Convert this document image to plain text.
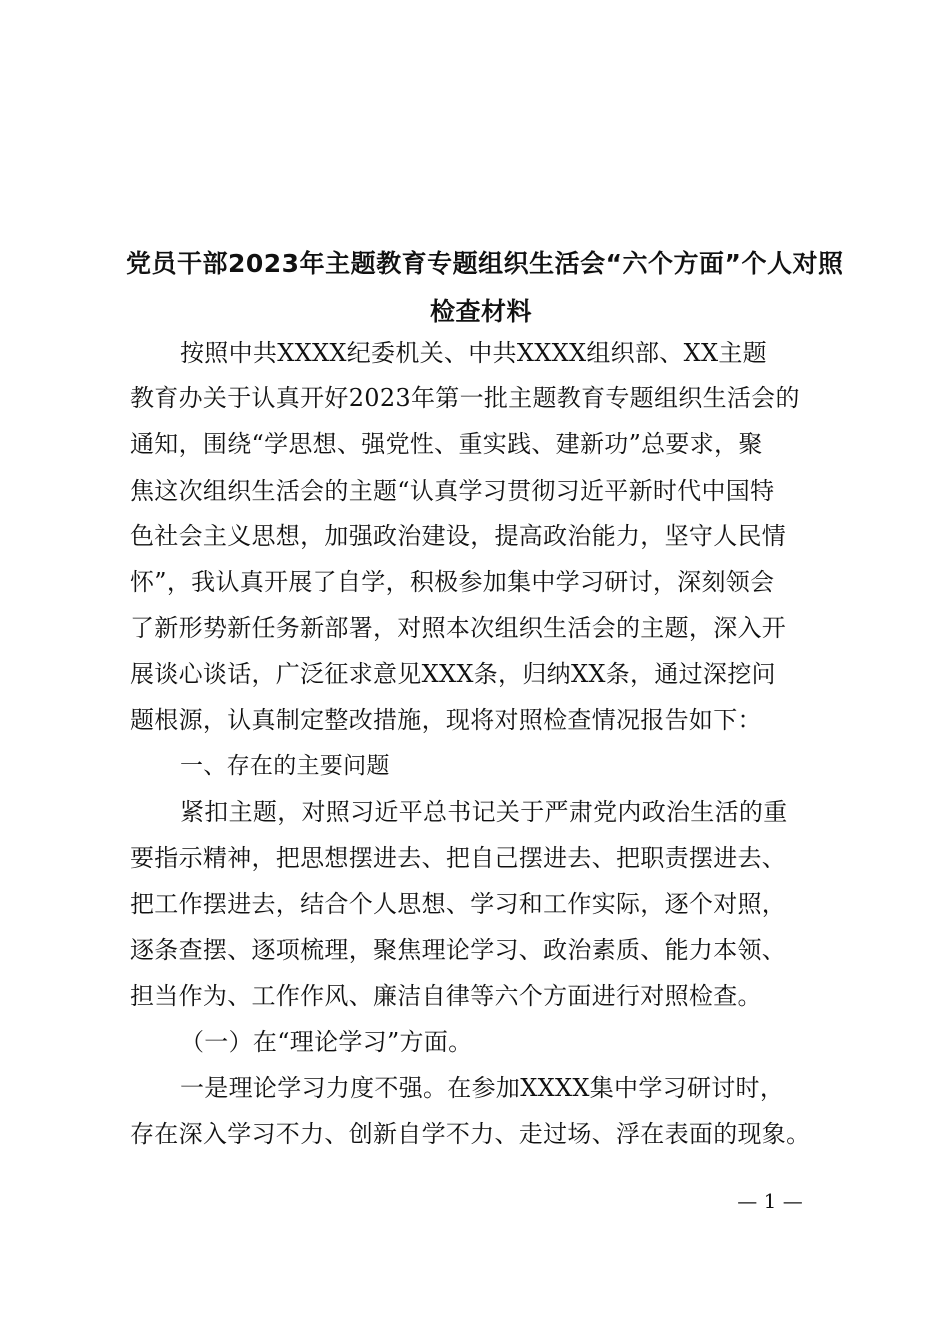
党员干部2023年主题教育专题组织生活会“六个方面”个人对照
检查材料
按照中共XXXX纪委机关、中共XXXX组织部、XX主题
教育办关于认真开好2023年第一批主题教育专题组织生活会的
通知，围绕“学思想、强党性、重实践、建新功”总要求，聚
焦这次组织生活会的主题“认真学习贯彻习近平新时代中国特
色社会主义思想，加强政治建设，提高政治能力，坚守人民情
怀”，我认真开展了自学，积极参加集中学习研讨，深刻领会
了新形势新任务新部署，对照本次组织生活会的主题，深入开
展谈心谈话，广泛征求意见XXX条，归纳XX条，通过深挖问
题根源，认真制定整改措施，现将对照检查情况报告如下：
一、存在的主要问题
紧扣主题，对照习近平总书记关于严肃党内政治生活的重
要指示精神，把思想摆进去、把自己摆进去、把职责摆进去、
把工作摆进去，结合个人思想、学习和工作实际，逐个对照，
逐条查摆、逐项梳理，聚焦理论学习、政治素质、能力本领、
担当作为、工作作风、廉洁自律等六个方面进行对照检查。
（一）在“理论学习”方面。
一是理论学习力度不强。在参加XXXX集中学习研讨时，
存在深入学习不力、创新自学不力、走过场、浮在表面的现象。
— 1 —
